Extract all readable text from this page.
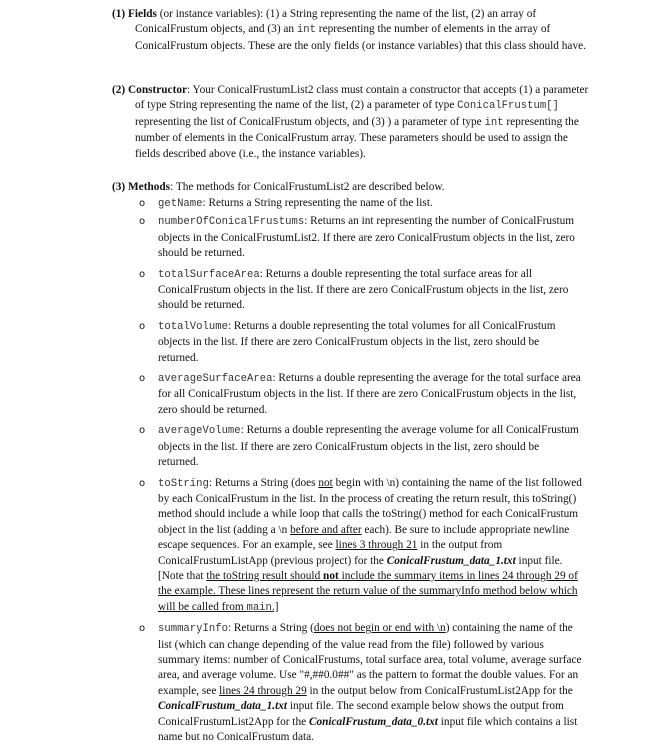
(1) Fields (or instance variables): (1) a String representing the name of the list, (2) an array of ConicalFrustum objects, and (3) an int representing the number of elements in the array of ConicalFrustum objects. These are the only fields (or instance variables) that this class should have.

(2) Constructor: Your ConicalFrustumList2 class must contain a constructor that accepts (1) a parameter of type String representing the name of the list, (2) a parameter of type ConicalFrustum[] representing the list of ConicalFrustum objects, and (3) ) a parameter of type int representing the number of elements in the ConicalFrustum array. These parameters should be used to assign the fields described above (i.e., the instance variables).

(3) Methods: The methods for ConicalFrustumList2 are described below.

o getName: Returns a String representing the name of the list.
o numberOfConicalFrustums: Returns an int representing the number of ConicalFrustum objects in the ConicalFrustumList2. If there are zero ConicalFrustum objects in the list, zero should be returned.
o totalSurfaceArea: Returns a double representing the total surface areas for all ConicalFrustum objects in the list. If there are zero ConicalFrustum objects in the list, zero should be returned.
o totalVolume: Returns a double representing the total volumes for all ConicalFrustum objects in the list. If there are zero ConicalFrustum objects in the list, zero should be returned.
o averageSurfaceArea: Returns a double representing the average for the total surface area for all ConicalFrustum objects in the list. If there are zero ConicalFrustum objects in the list, zero should be returned.
o averageVolume: Returns a double representing the average volume for all ConicalFrustum objects in the list. If there are zero ConicalFrustum objects in the list, zero should be returned.
o toString: Returns a String (does not begin with \n) containing the name of the list followed by each ConicalFrustum in the list. In the process of creating the return result, this toString() method should include a while loop that calls the toString() method for each ConicalFrustum object in the list (adding a \n before and after each). Be sure to include appropriate newline escape sequences. For an example, see lines 3 through 21 in the output from ConicalFrustumListApp (previous project) for the ConicalFrustum_data_1.txt input file. [Note that the toString result should not include the summary items in lines 24 through 29 of the example. These lines represent the return value of the summaryInfo method below which will be called from main.]
o summaryInfo: Returns a String (does not begin or end with \n) containing the name of the list (which can change depending of the value read from the file) followed by various summary items: number of ConicalFrustums, total surface area, total volume, average surface area, and average volume. Use "#,##0.0##" as the pattern to format the double values. For an example, see lines 24 through 29 in the output below from ConicalFrustumList2App for the ConicalFrustum_data_1.txt input file. The second example below shows the output from ConicalFrustumList2App for the ConicalFrustum_data_0.txt input file which contains a list name but no ConicalFrustum data.
